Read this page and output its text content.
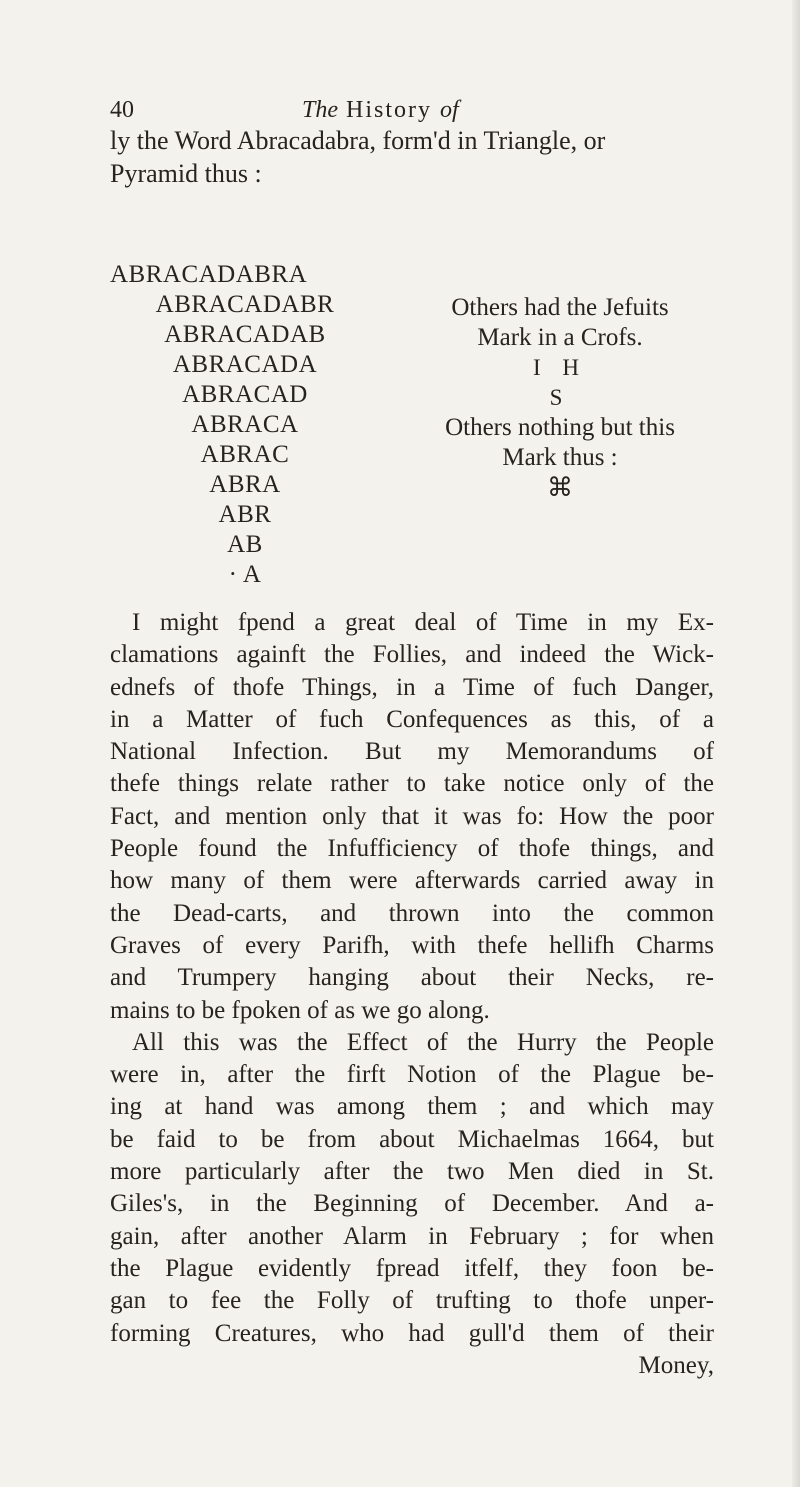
40	The History of
ly the Word Abracadabra, form'd in Triangle, or
Pyramid thus :
ABRACADABRA
ABRACADABR
ABRACADAB
ABRACADA
ABRACAD
ABRACA
ABRAC
ABRA
ABR
AB
· A
Others had the Jefuits
Mark in a Crofs.
I H
S
Others nothing but this
Mark thus :
⌘
I might fpend a great deal of Time in my Ex-
clamations againft the Follies, and indeed the Wick-
ednefs of thofe Things, in a Time of fuch Danger,
in a Matter of fuch Confequences as this, of a
National Infection. But my Memorandums of
thefe things relate rather to take notice only of the
Fact, and mention only that it was fo: How the poor
People found the Infufficiency of thofe things, and
how many of them were afterwards carried away in
the Dead-carts, and thrown into the common
Graves of every Parifh, with thefe hellifh Charms
and Trumpery hanging about their Necks, re-
mains to be fpoken of as we go along.
All this was the Effect of the Hurry the People
were in, after the firft Notion of the Plague be-
ing at hand was among them ; and which may
be faid to be from about Michaelmas 1664, but
more particularly after the two Men died in St.
Giles's, in the Beginning of December. And a-
gain, after another Alarm in February ; for when
the Plague evidently fpread itfelf, they foon be-
gan to fee the Folly of trufting to thofe unper-
forming Creatures, who had gull'd them of their
Money,
